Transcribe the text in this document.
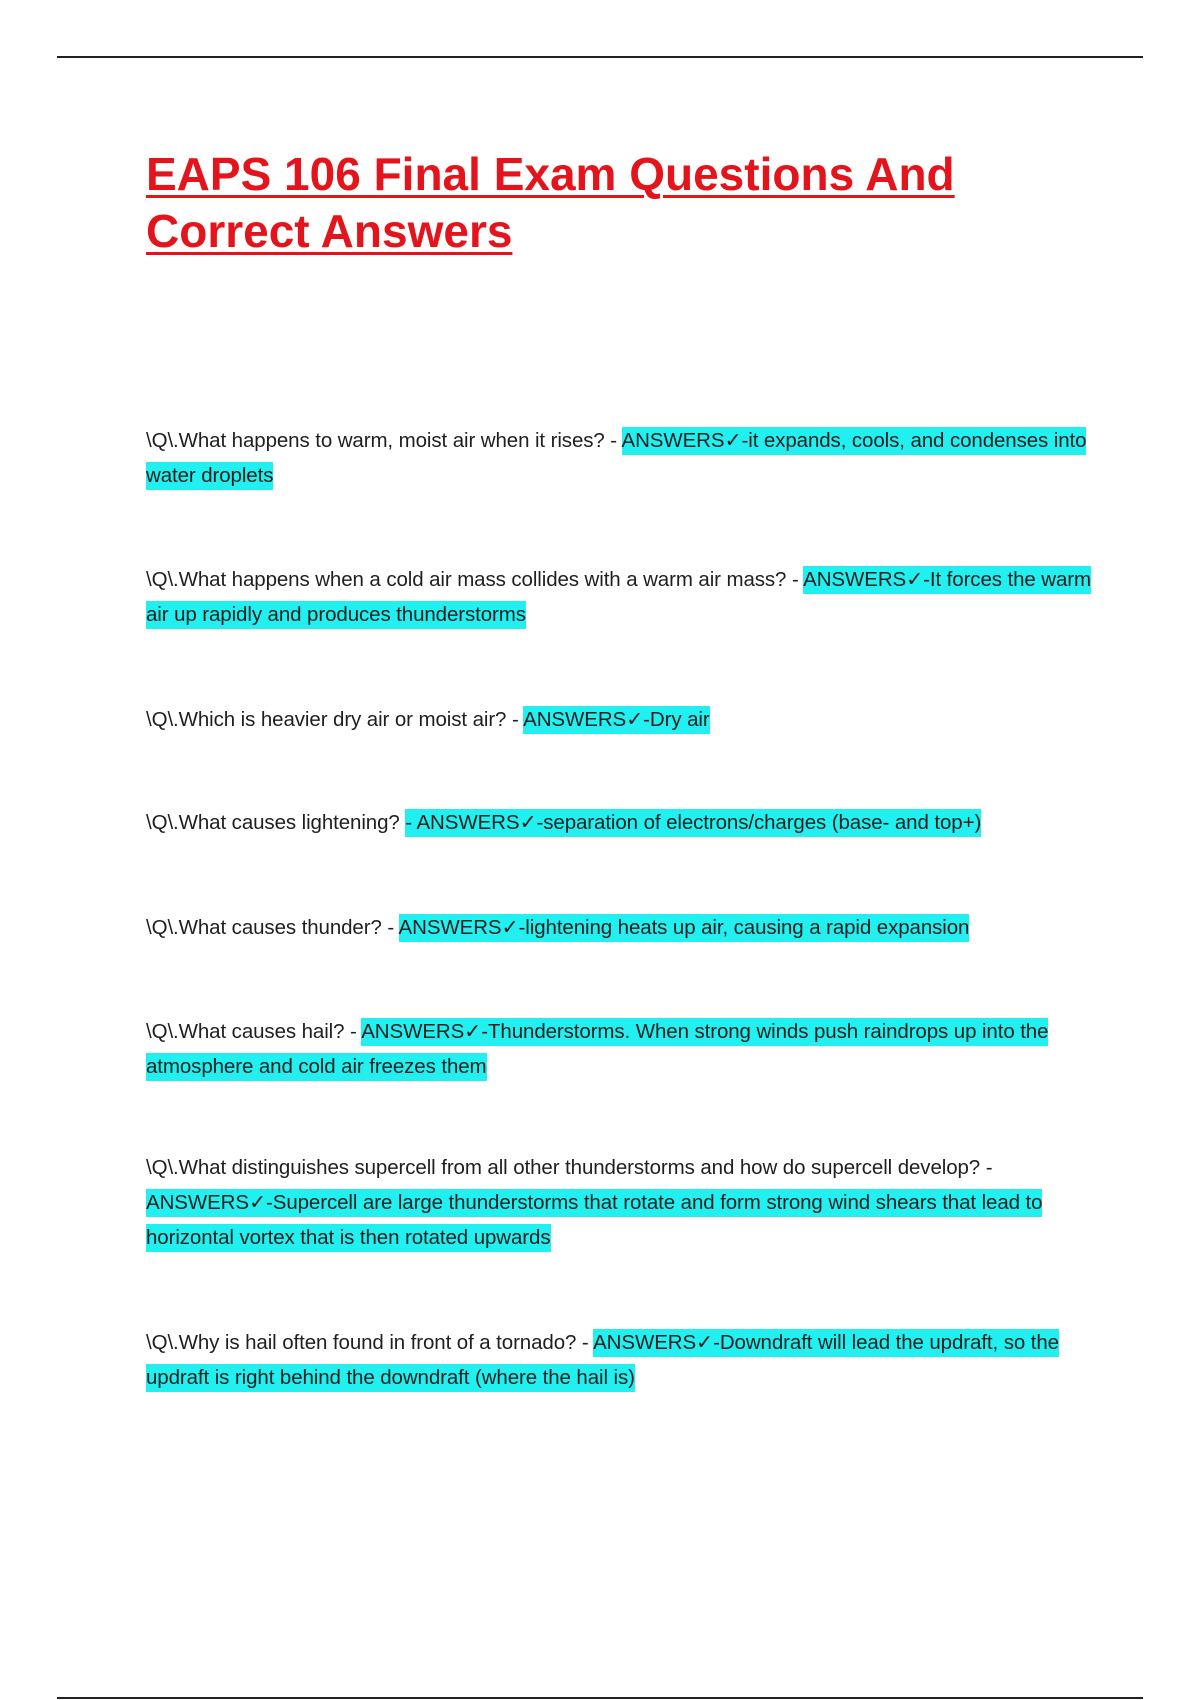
EAPS 106 Final Exam Questions And Correct Answers

\Q\.What happens to warm, moist air when it rises? - ANSWERS✓-it expands, cools, and condenses into water droplets

\Q\.What happens when a cold air mass collides with a warm air mass? - ANSWERS✓-It forces the warm air up rapidly and produces thunderstorms

\Q\.Which is heavier dry air or moist air? - ANSWERS✓-Dry air

\Q\.What causes lightening? - ANSWERS✓-separation of electrons/charges (base- and top+)

\Q\.What causes thunder? - ANSWERS✓-lightening heats up air, causing a rapid expansion

\Q\.What causes hail? - ANSWERS✓-Thunderstorms. When strong winds push raindrops up into the atmosphere and cold air freezes them

\Q\.What distinguishes supercell from all other thunderstorms and how do supercell develop? - ANSWERS✓-Supercell are large thunderstorms that rotate and form strong wind shears that lead to horizontal vortex that is then rotated upwards

\Q\.Why is hail often found in front of a tornado? - ANSWERS✓-Downdraft will lead the updraft, so the updraft is right behind the downdraft (where the hail is)
